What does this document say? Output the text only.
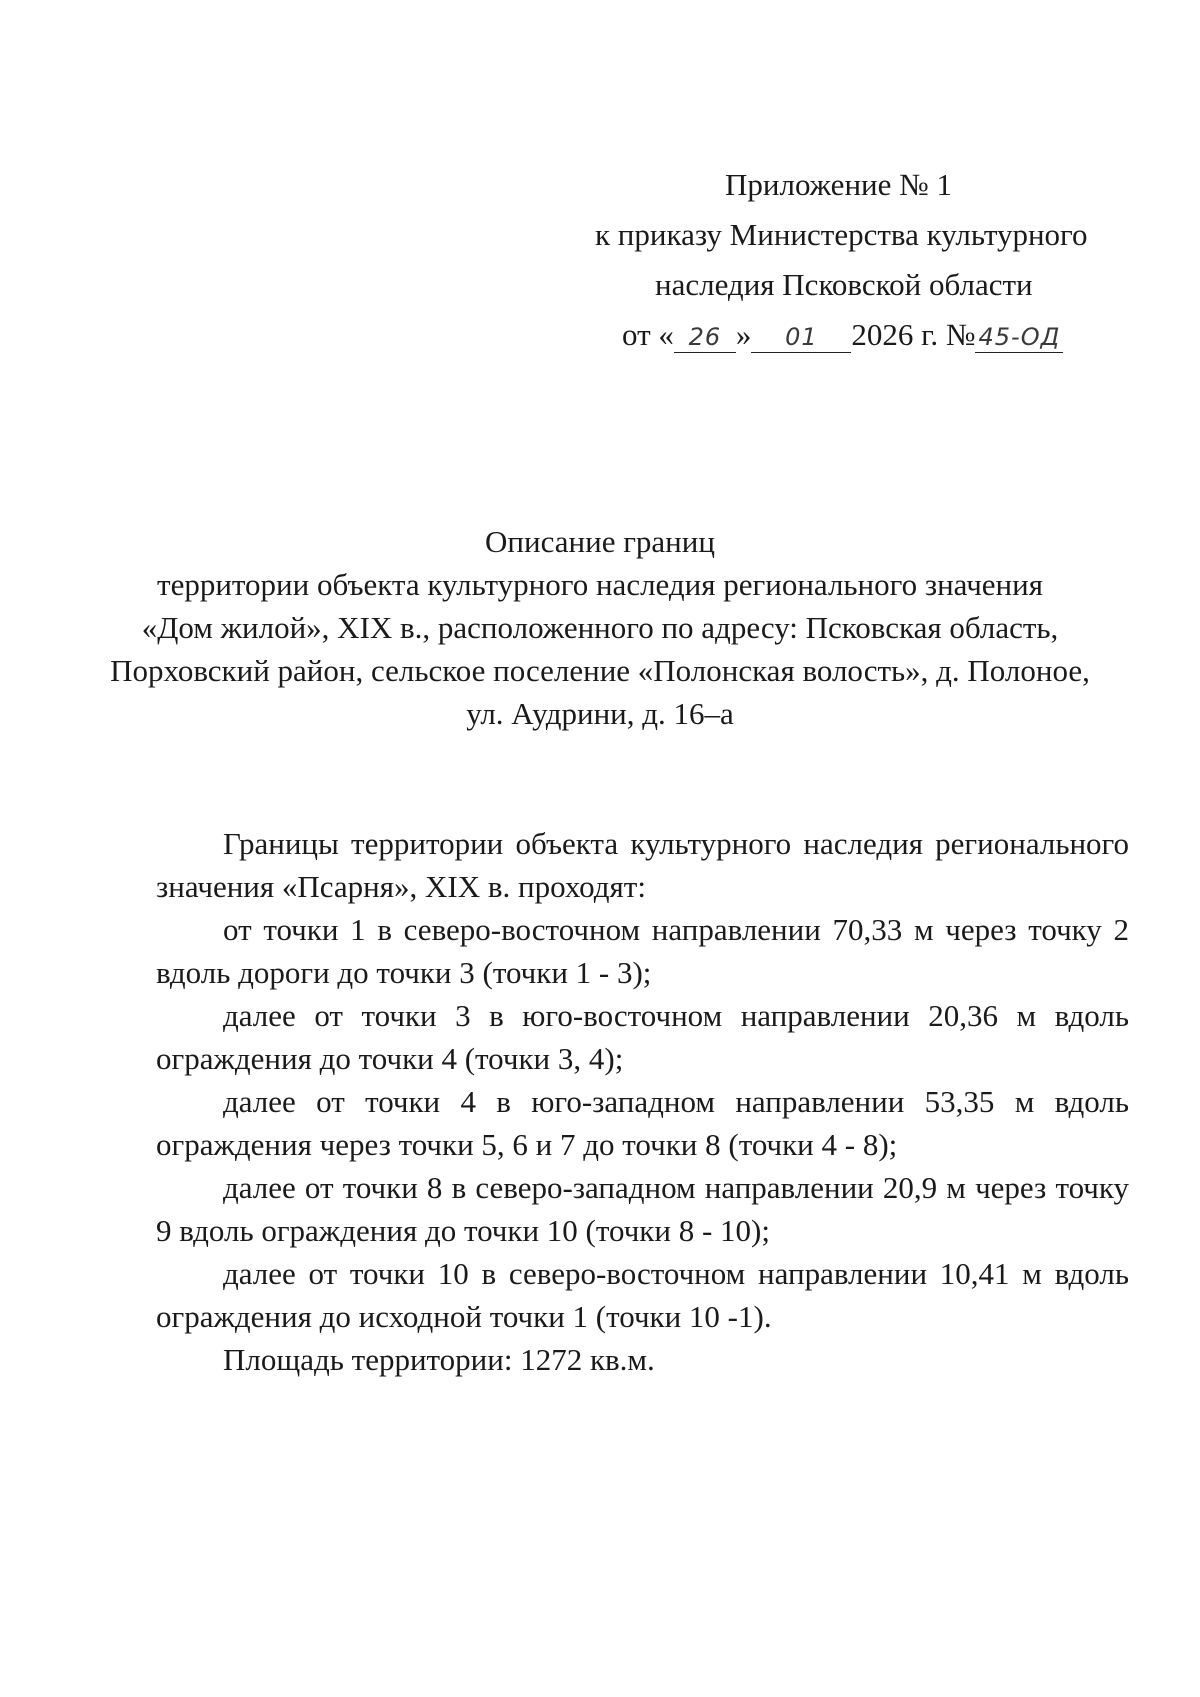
Приложение № 1
к приказу Министерства культурного
наследия Псковской области
от « 26 » 01 2026 г. № 45-ОД
Описание границ
территории объекта культурного наследия регионального значения
«Дом жилой», XIX в., расположенного по адресу: Псковская область,
Порховский район, сельское поселение «Полонская волость», д. Полоное,
ул. Аудрини, д. 16–а

Границы территории объекта культурного наследия регионального значения «Псарня», XIX в. проходят:

от точки 1 в северо-восточном направлении 70,33 м через точку 2 вдоль дороги до точки 3 (точки 1 - 3);

далее от точки 3 в юго-восточном направлении 20,36 м вдоль ограждения до точки 4 (точки 3, 4);

далее от точки 4 в юго-западном направлении 53,35 м вдоль ограждения через точки 5, 6 и 7 до точки 8 (точки 4 - 8);

далее от точки 8 в северо-западном направлении 20,9 м через точку 9 вдоль ограждения до точки 10 (точки 8 - 10);

далее от точки 10 в северо-восточном направлении 10,41 м вдоль ограждения до исходной точки 1 (точки 10 -1).

Площадь территории: 1272 кв.м.
